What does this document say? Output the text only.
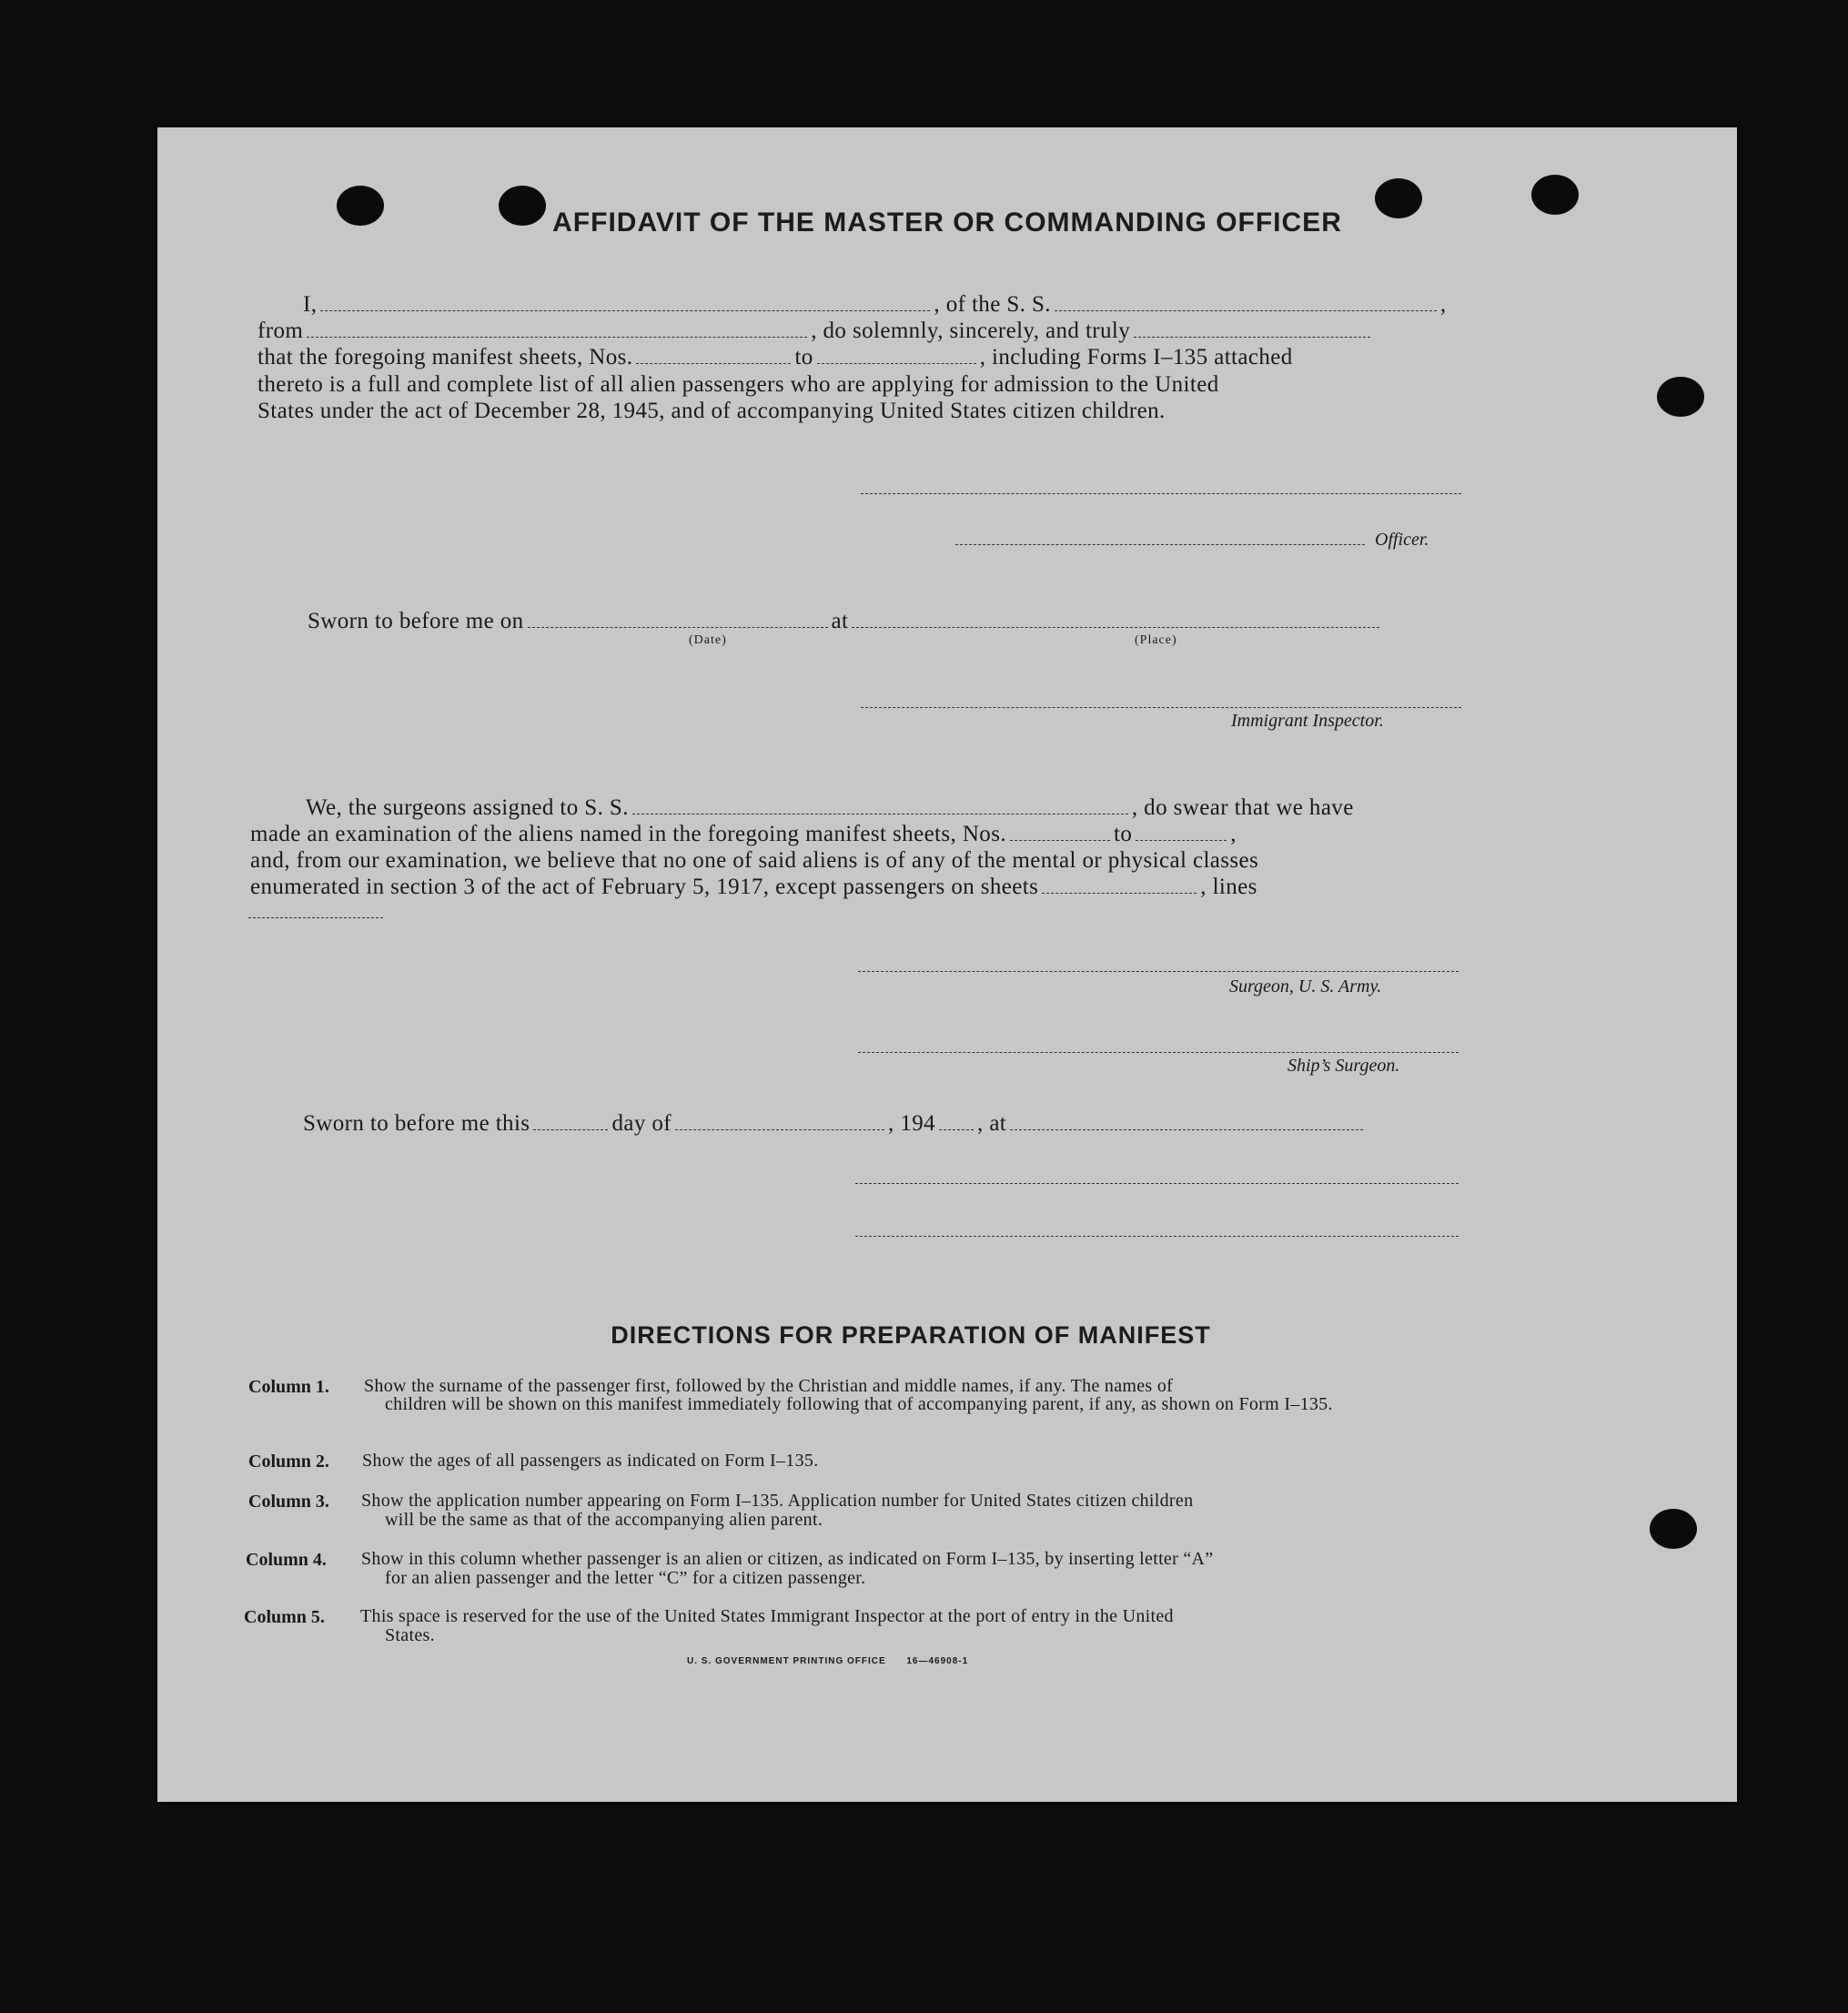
AFFIDAVIT OF THE MASTER OR COMMANDING OFFICER
I,	, of the S. S.	,
from	, do solemnly, sincerely, and truly
that the foregoing manifest sheets, Nos.	to	, including Forms I–135 attached
thereto is a full and complete list of all alien passengers who are applying for admission to the United
States under the act of December 28, 1945, and of accompanying United States citizen children.
Officer.
Sworn to before me on	at
(Date)	(Place)
Immigrant Inspector.
We, the surgeons assigned to S. S.	, do swear that we have
made an examination of the aliens named in the foregoing manifest sheets, Nos.	to	,
and, from our examination, we believe that no one of said aliens is of any of the mental or physical classes
enumerated in section 3 of the act of February 5, 1917, except passengers on sheets	, lines
Surgeon, U. S. Army.
Ship’s Surgeon.
Sworn to before me this	day of	, 194 , at
DIRECTIONS FOR PREPARATION OF MANIFEST
Column 1. Show the surname of the passenger first, followed by the Christian and middle names, if any. The names of
children will be shown on this manifest immediately following that of accompanying parent, if any, as shown on Form I–135.
Column 2. Show the ages of all passengers as indicated on Form I–135.
Column 3. Show the application number appearing on Form I–135. Application number for United States citizen children
will be the same as that of the accompanying alien parent.
Column 4. Show in this column whether passenger is an alien or citizen, as indicated on Form I–135, by inserting letter “A”
for an alien passenger and the letter “C” for a citizen passenger.
Column 5. This space is reserved for the use of the United States Immigrant Inspector at the port of entry in the United
States.
U. S. GOVERNMENT PRINTING OFFICE 16—46908-1
